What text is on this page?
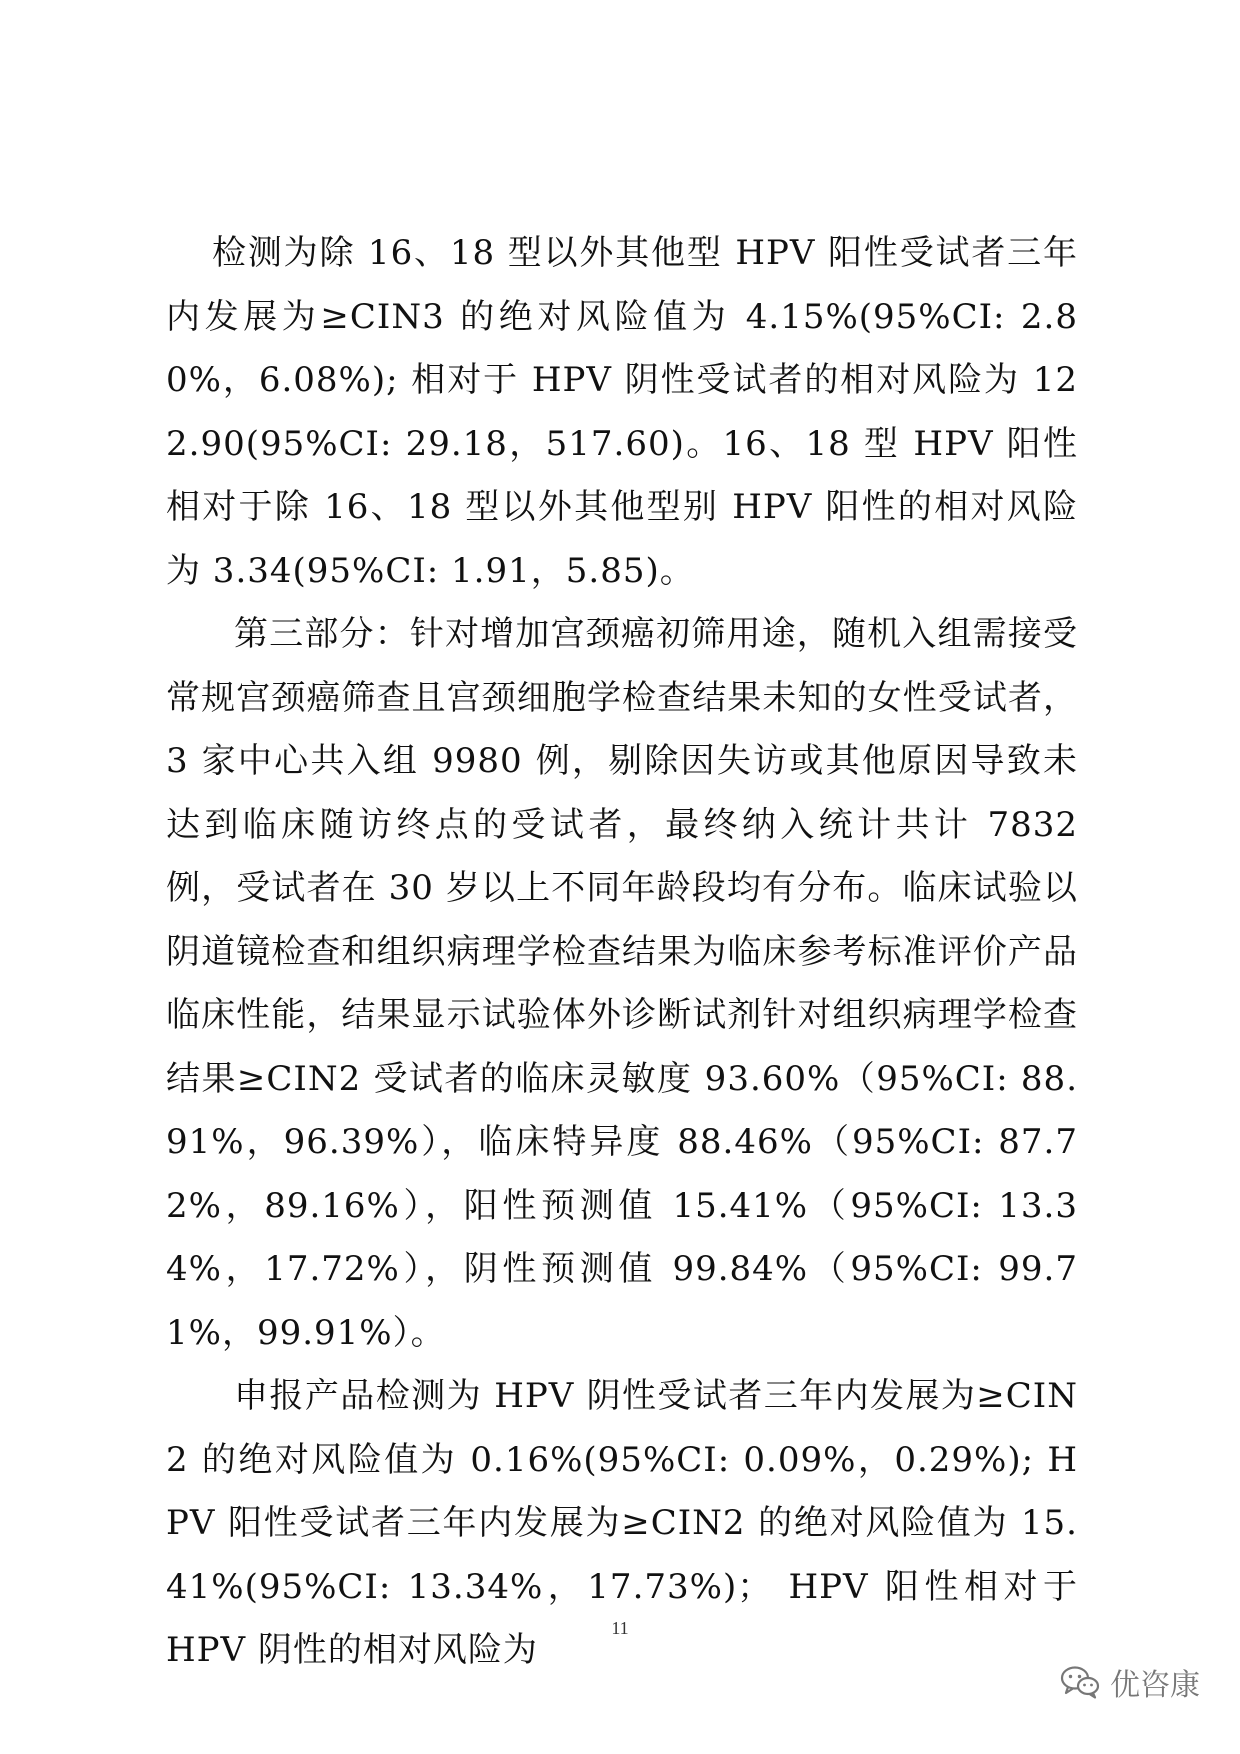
检测为除 16、18 型以外其他型 HPV 阳性受试者三年内发展为≥CIN3 的绝对风险值为 4.15%(95%CI: 2.80%，6.08%); 相对于 HPV 阴性受试者的相对风险为 122.90(95%CI: 29.18，517.60)。16、18 型 HPV 阳性相对于除 16、18 型以外其他型别 HPV 阳性的相对风险为 3.34(95%CI: 1.91，5.85)。

第三部分：针对增加宫颈癌初筛用途，随机入组需接受常规宫颈癌筛查且宫颈细胞学检查结果未知的女性受试者，3 家中心共入组 9980 例，剔除因失访或其他原因导致未达到临床随访终点的受试者，最终纳入统计共计 7832 例，受试者在 30 岁以上不同年龄段均有分布。临床试验以阴道镜检查和组织病理学检查结果为临床参考标准评价产品临床性能，结果显示试验体外诊断试剂针对组织病理学检查结果≥CIN2 受试者的临床灵敏度 93.60%（95%CI: 88.91%，96.39%），临床特异度 88.46%（95%CI: 87.72%，89.16%），阳性预测值 15.41%（95%CI: 13.34%，17.72%），阴性预测值 99.84%（95%CI: 99.71%，99.91%）。

申报产品检测为 HPV 阴性受试者三年内发展为≥CIN2 的绝对风险值为 0.16%(95%CI: 0.09%，0.29%); HPV 阳性受试者三年内发展为≥CIN2 的绝对风险值为 15.41%(95%CI: 13.34%，17.73%)； HPV 阳性相对于 HPV 阴性的相对风险为

11
优咨康
